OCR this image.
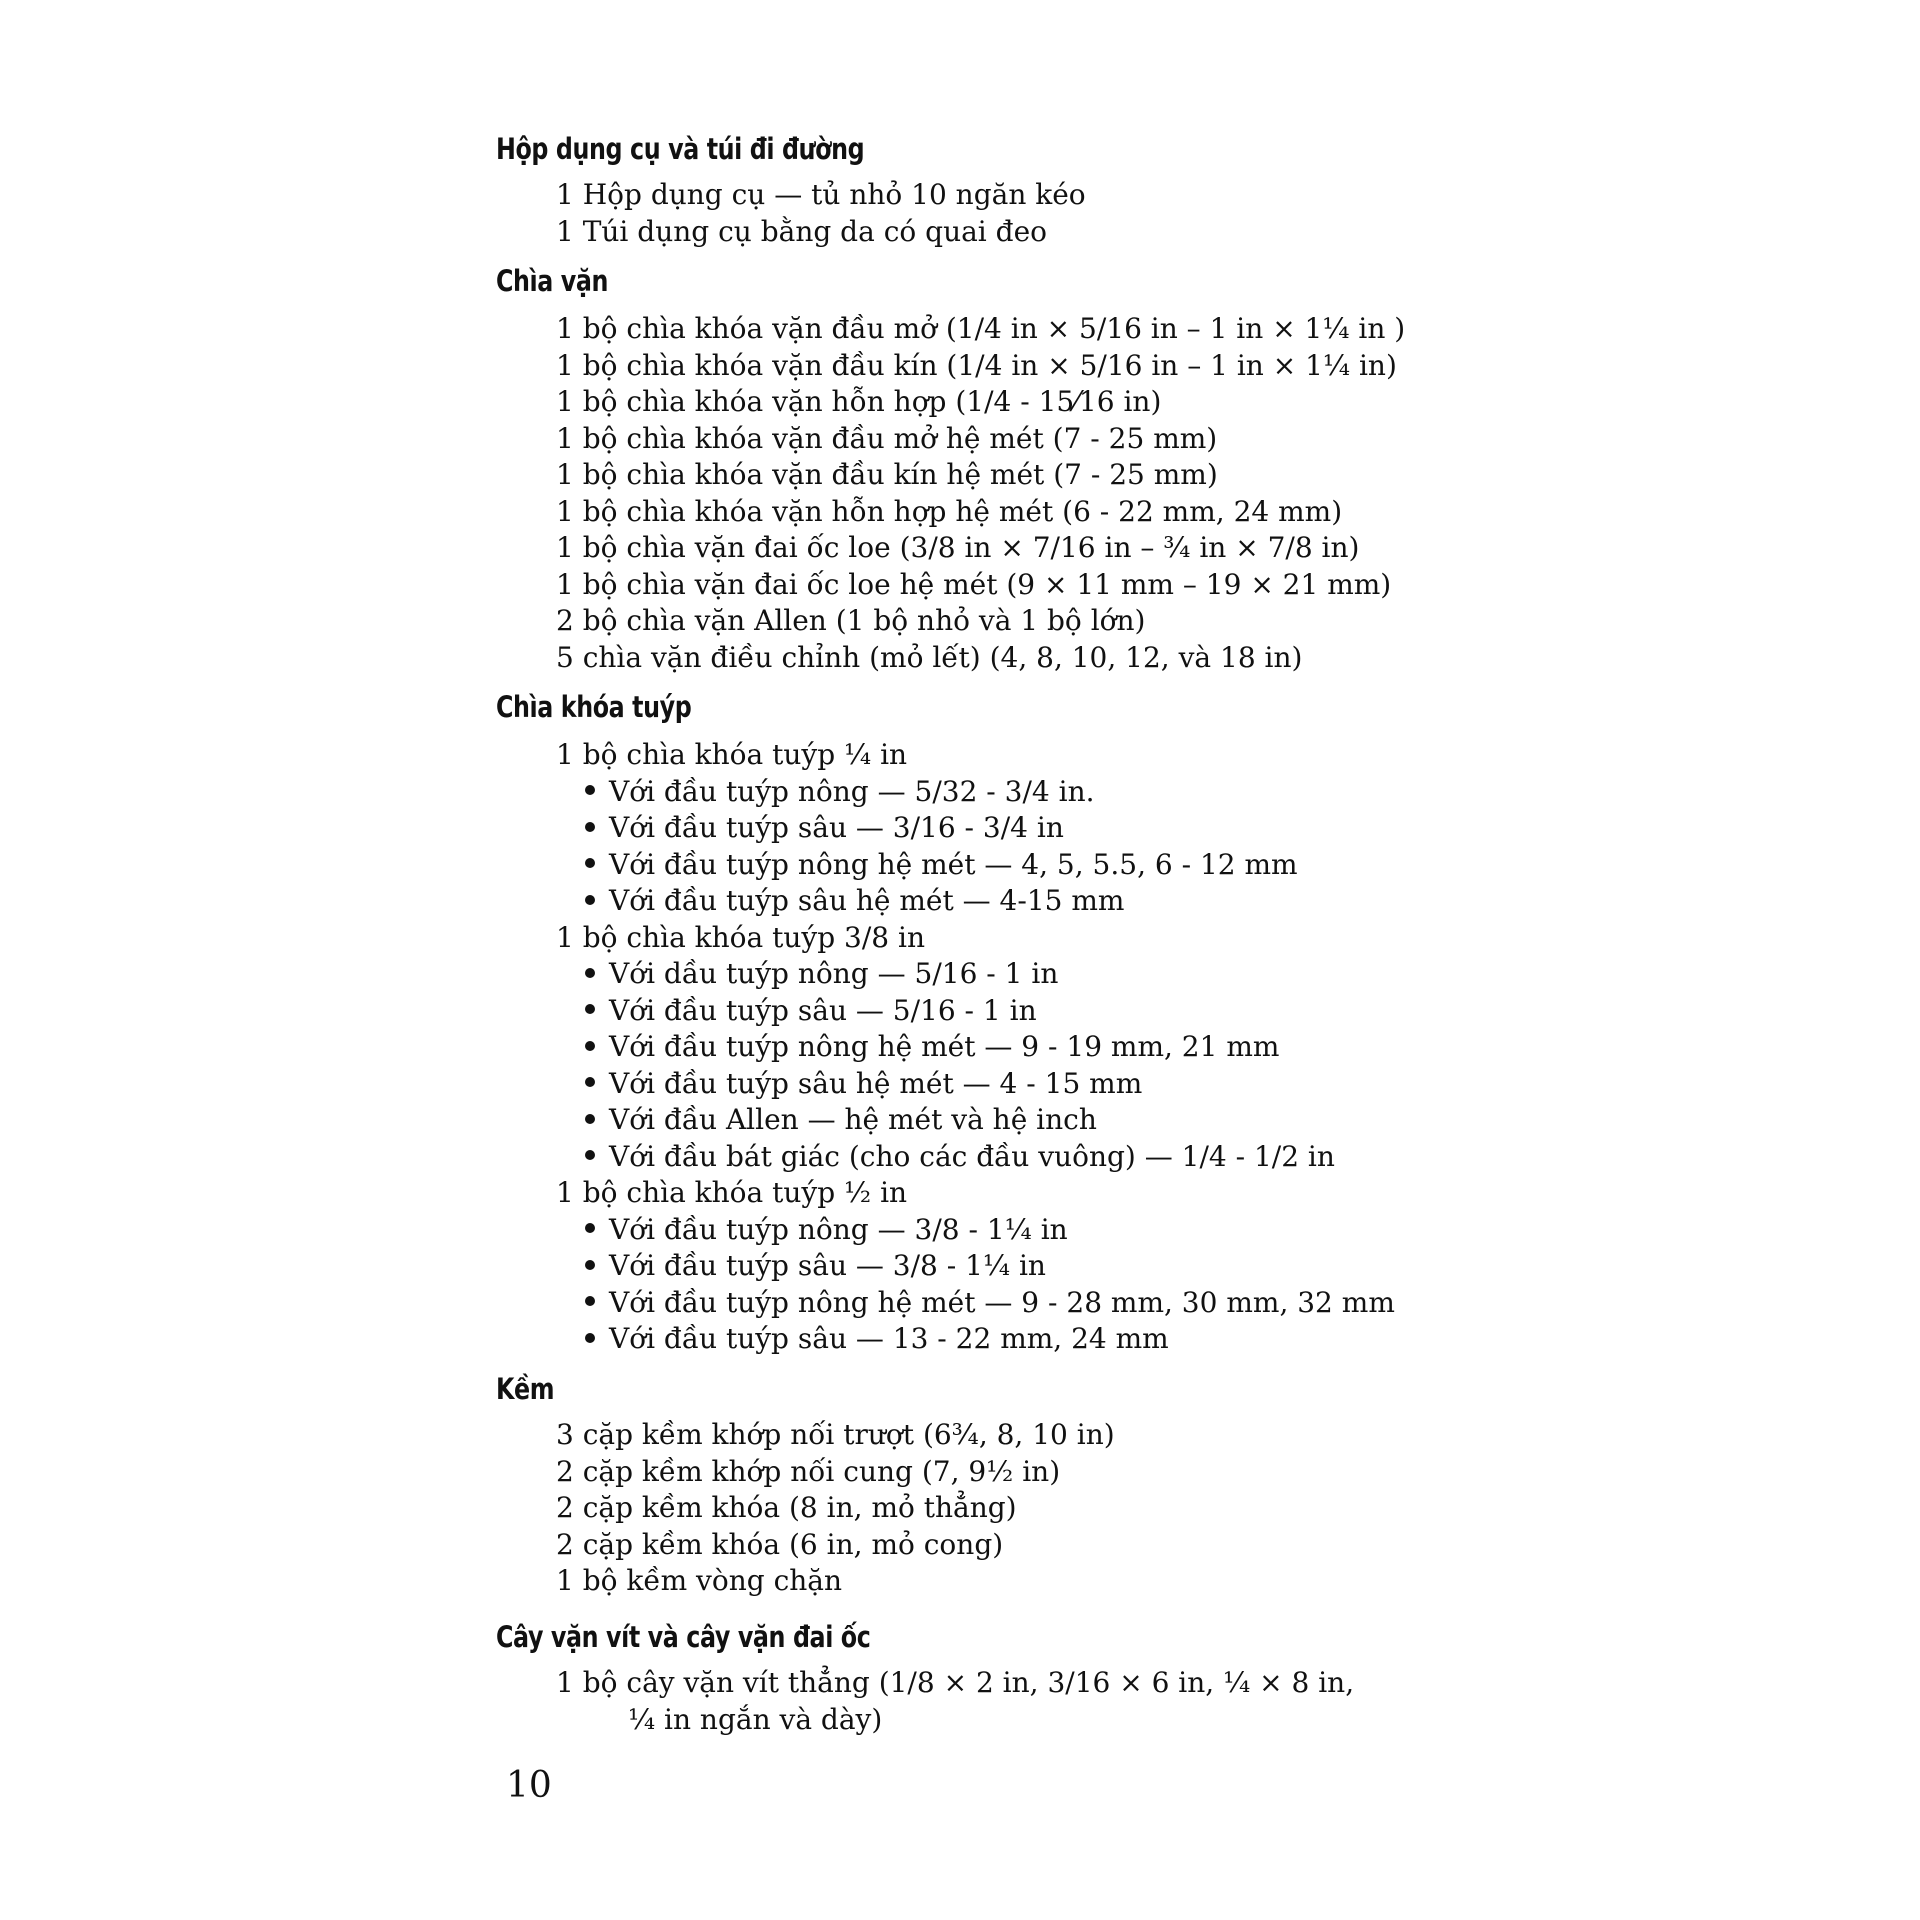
Hộp dụng cụ và túi đi đường
1 Hộp dụng cụ — tủ nhỏ 10 ngăn kéo
1 Túi dụng cụ bằng da có quai đeo
Chìa vặn
1 bộ chìa khóa vặn đầu mở (1/4 in × 5/16 in – 1 in × 1¼ in )
1 bộ chìa khóa vặn đầu kín (1/4 in × 5/16 in – 1 in × 1¼ in)
1 bộ chìa khóa vặn hỗn hợp (1/4 - 15⁄16 in)
1 bộ chìa khóa vặn đầu mở hệ mét (7 - 25 mm)
1 bộ chìa khóa vặn đầu kín hệ mét (7 - 25 mm)
1 bộ chìa khóa vặn hỗn hợp hệ mét (6 - 22 mm, 24 mm)
1 bộ chìa vặn đai ốc loe (3/8 in × 7/16 in – ¾ in × 7/8 in)
1 bộ chìa vặn đai ốc loe hệ mét (9 × 11 mm – 19 × 21 mm)
2 bộ chìa vặn Allen (1 bộ nhỏ và 1 bộ lớn)
5 chìa vặn điều chỉnh (mỏ lết) (4, 8, 10, 12, và 18 in)
Chìa khóa tuýp
1 bộ chìa khóa tuýp ¼ in
Với đầu tuýp nông — 5/32 - 3/4 in.
Với đầu tuýp sâu — 3/16 - 3/4 in
Với đầu tuýp nông hệ mét — 4, 5, 5.5, 6 - 12 mm
Với đầu tuýp sâu hệ mét — 4-15 mm
1 bộ chìa khóa tuýp 3/8 in
Với dầu tuýp nông — 5/16 - 1 in
Với đầu tuýp sâu — 5/16 - 1 in
Với đầu tuýp nông hệ mét — 9 - 19 mm, 21 mm
Với đầu tuýp sâu hệ mét — 4 - 15 mm
Với đầu Allen — hệ mét và hệ inch
Với đầu bát giác (cho các đầu vuông) — 1/4 - 1/2 in
1 bộ chìa khóa tuýp ½ in
Với đầu tuýp nông — 3/8 - 1¼ in
Với đầu tuýp sâu — 3/8 - 1¼ in
Với đầu tuýp nông hệ mét — 9 - 28 mm, 30 mm, 32 mm
Với đầu tuýp sâu — 13 - 22 mm, 24 mm
Kềm
3 cặp kềm khớp nối trượt (6¾, 8, 10 in)
2 cặp kềm khớp nối cung (7, 9½ in)
2 cặp kềm khóa (8 in, mỏ thẳng)
2 cặp kềm khóa (6 in, mỏ cong)
1 bộ kềm vòng chặn
Cây vặn vít và cây vặn đai ốc
1 bộ cây vặn vít thẳng (1/8 × 2 in, 3/16 × 6 in, ¼ × 8 in,
¼ in ngắn và dày)
10
